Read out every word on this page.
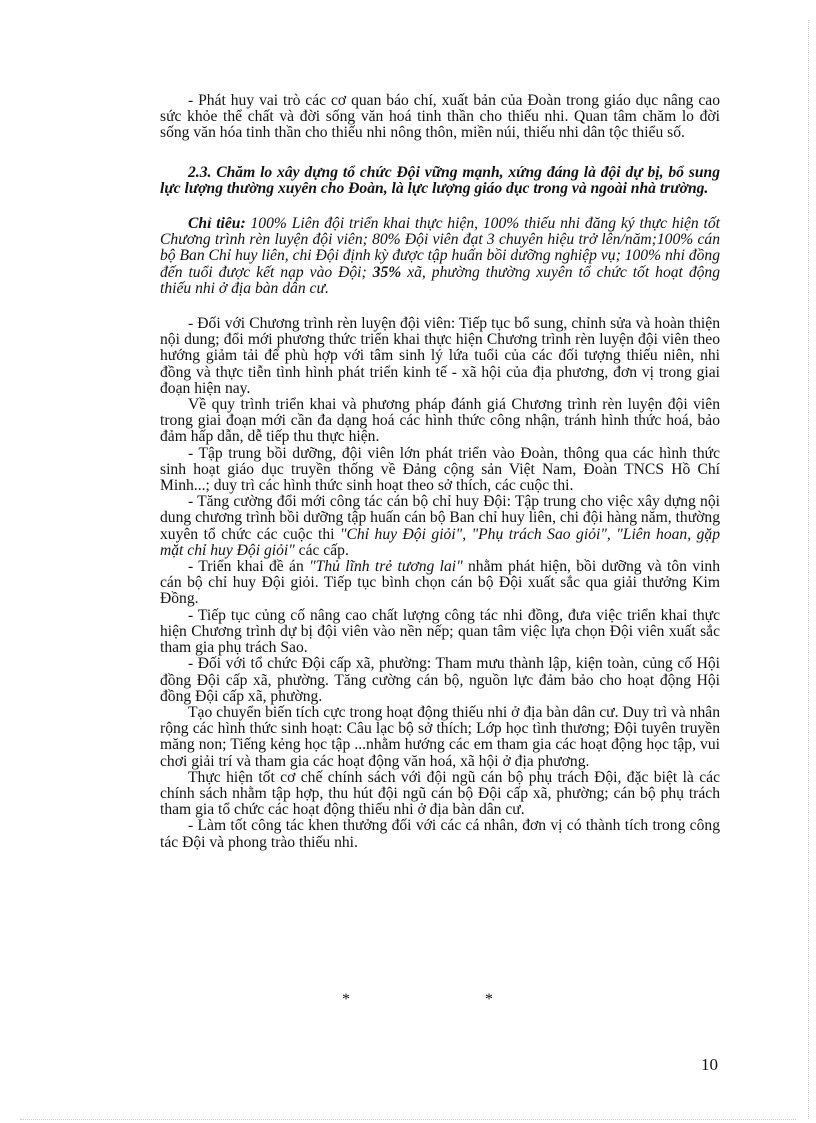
- Phát huy vai trò các cơ quan báo chí, xuất bản của Đoàn trong giáo dục nâng cao sức khỏe thể chất và đời sống văn hoá tinh thần cho thiếu nhi. Quan tâm chăm lo đời sống văn hóa tinh thần cho thiếu nhi nông thôn, miền núi, thiếu nhi dân tộc thiểu số.

2.3. Chăm lo xây dựng tổ chức Đội vững mạnh, xứng đáng là đội dự bị, bổ sung lực lượng thường xuyên cho Đoàn, là lực lượng giáo dục trong và ngoài nhà trường.

Chỉ tiêu: 100% Liên đội triển khai thực hiện, 100% thiếu nhi đăng ký thực hiện tốt Chương trình rèn luyện đội viên; 80% Đội viên đạt 3 chuyên hiệu trở lên/năm;100% cán bộ Ban Chỉ huy liên, chi Đội định kỳ được tập huấn bồi dưỡng nghiệp vụ; 100% nhi đồng đến tuổi được kết nạp vào Đội; 35% xã, phường thường xuyên tổ chức tốt hoạt động thiếu nhi ở địa bàn dân cư.

- Đối với Chương trình rèn luyện đội viên: Tiếp tục bổ sung, chỉnh sửa và hoàn thiện nội dung; đổi mới phương thức triển khai thực hiện Chương trình rèn luyện đội viên theo hướng giảm tải để phù hợp với tâm sinh lý lứa tuổi của các đối tượng thiếu niên, nhi đồng và thực tiễn tình hình phát triển kinh tế - xã hội của địa phương, đơn vị trong giai đoạn hiện nay.

Về quy trình triển khai và phương pháp đánh giá Chương trình rèn luyện đội viên trong giai đoạn mới cần đa dạng hoá các hình thức công nhận, tránh hình thức hoá, bảo đảm hấp dẫn, dễ tiếp thu thực hiện.

- Tập trung bồi dưỡng, đội viên lớn phát triển vào Đoàn, thông qua các hình thức sinh hoạt giáo dục truyền thống về Đảng cộng sản Việt Nam, Đoàn TNCS Hồ Chí Minh...; duy trì các hình thức sinh hoạt theo sở thích, các cuộc thi.

- Tăng cường đổi mới công tác cán bộ chỉ huy Đội: Tập trung cho việc xây dựng nội dung chương trình bồi dưỡng tập huấn cán bộ Ban chỉ huy liên, chi đội hàng năm, thường xuyên tổ chức các cuộc thi "Chỉ huy Đội giỏi", "Phụ trách Sao giỏi", "Liên hoan, gặp mặt chỉ huy Đội giỏi" các cấp.

- Triển khai đề án "Thủ lĩnh trẻ tương lai" nhằm phát hiện, bồi dưỡng và tôn vinh cán bộ chỉ huy Đội giỏi. Tiếp tục bình chọn cán bộ Đội xuất sắc qua giải thưởng Kim Đồng.

- Tiếp tục củng cố nâng cao chất lượng công tác nhi đồng, đưa việc triển khai thực hiện Chương trình dự bị đội viên vào nền nếp; quan tâm việc lựa chọn Đội viên xuất sắc tham gia phụ trách Sao.

- Đối với tổ chức Đội cấp xã, phường: Tham mưu thành lập, kiện toàn, củng cố Hội đồng Đội cấp xã, phường. Tăng cường cán bộ, nguồn lực đảm bảo cho hoạt động Hội đồng Đội cấp xã, phường.

Tạo chuyển biến tích cực trong hoạt động thiếu nhi ở địa bàn dân cư. Duy trì và nhân rộng các hình thức sinh hoạt: Câu lạc bộ sở thích; Lớp học tình thương; Đội tuyên truyền măng non; Tiếng kẻng học tập ...nhằm hướng các em tham gia các hoạt động học tập, vui chơi giải trí và tham gia các hoạt động văn hoá, xã hội ở địa phương.

Thực hiện tốt cơ chế chính sách với đội ngũ cán bộ phụ trách Đội, đặc biệt là các chính sách nhằm tập hợp, thu hút đội ngũ cán bộ Đội cấp xã, phường; cán bộ phụ trách tham gia tổ chức các hoạt động thiếu nhi ở địa bàn dân cư.

- Làm tốt công tác khen thưởng đối với các cá nhân, đơn vị có thành tích trong công tác Đội và phong trào thiếu nhi.

*	*
10
